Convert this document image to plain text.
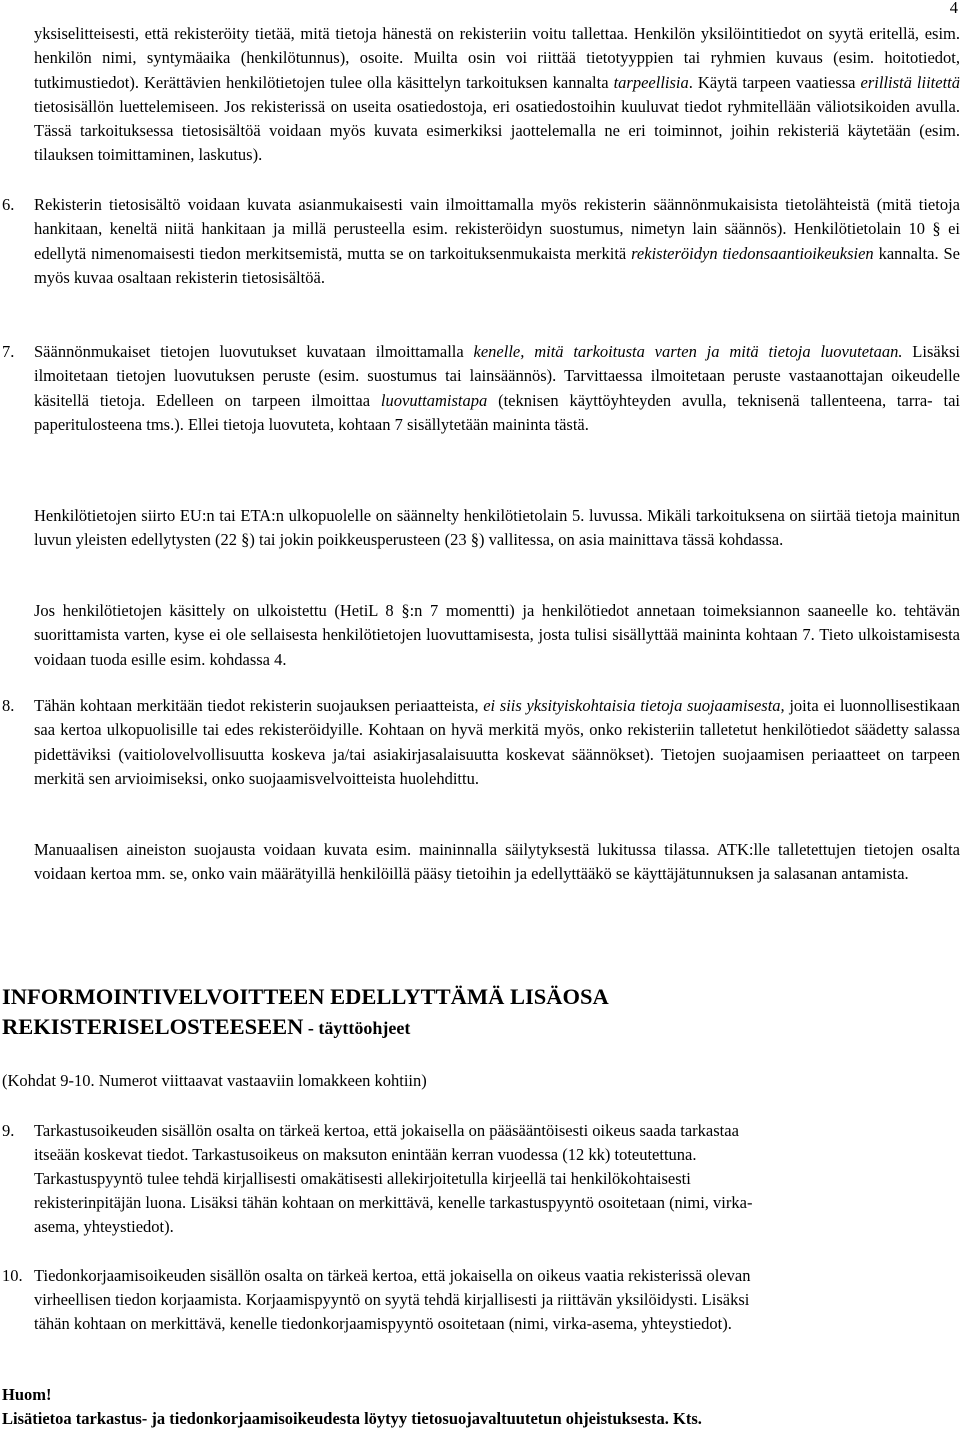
4
yksiselitteisesti, että rekisteröity tietää, mitä tietoja hänestä on rekisteriin voitu tallettaa. Henkilön yksilöintitiedot on syytä eritellä, esim. henkilön nimi, syntymäaika (henkilötunnus), osoite. Muilta osin voi riittää tietotyyppien tai ryhmien kuvaus (esim. hoitotiedot, tutkimustiedot). Kerättävien henkilötietojen tulee olla käsittelyn tarkoituksen kannalta tarpeellisia. Käytä tarpeen vaatiessa erillistä liitettä tietosisällön luettelemiseen. Jos rekisterissä on useita osatiedostoja, eri osatiedostoihin kuuluvat tiedot ryhmitellään väliotsikoiden avulla. Tässä tarkoituksessa tietosisältöä voidaan myös kuvata esimerkiksi jaottelemalla ne eri toiminnot, joihin rekisteriä käytetään (esim. tilauksen toimittaminen, laskutus).
6. Rekisterin tietosisältö voidaan kuvata asianmukaisesti vain ilmoittamalla myös rekisterin säännönmukaisista tietolähteistä (mitä tietoja hankitaan, keneltä niitä hankitaan ja millä perusteella esim. rekisteröidyn suostumus, nimetyn lain säännös). Henkilötietolain 10 § ei edellytä nimenomaisesti tiedon merkitsemistä, mutta se on tarkoituksenmukaista merkitä rekisteröidyn tiedonsaantioikeuksien kannalta. Se myös kuvaa osaltaan rekisterin tietosisältöä.
7. Säännönmukaiset tietojen luovutukset kuvataan ilmoittamalla kenelle, mitä tarkoitusta varten ja mitä tietoja luovutetaan. Lisäksi ilmoitetaan tietojen luovutuksen peruste (esim. suostumus tai lainsäännös). Tarvittaessa ilmoitetaan peruste vastaanottajan oikeudelle käsitellä tietoja. Edelleen on tarpeen ilmoittaa luovuttamistapa (teknisen käyttöyhteyden avulla, teknisenä tallenteena, tarra- tai paperitulosteena tms.). Ellei tietoja luovuteta, kohtaan 7 sisällytetään maininta tästä.
Henkilötietojen siirto EU:n tai ETA:n ulkopuolelle on säännelty henkilötietolain 5. luvussa. Mikäli tarkoituksena on siirtää tietoja mainitun luvun yleisten edellytysten (22 §) tai jokin poikkeusperusteen (23 §) vallitessa, on asia mainittava tässä kohdassa.
Jos henkilötietojen käsittely on ulkoistettu (HetiL 8 §:n 7 momentti) ja henkilötiedot annetaan toimeksiannon saaneelle ko. tehtävän suorittamista varten, kyse ei ole sellaisesta henkilötietojen luovuttamisesta, josta tulisi sisällyttää maininta kohtaan 7. Tieto ulkoistamisesta voidaan tuoda esille esim. kohdassa 4.
8. Tähän kohtaan merkitään tiedot rekisterin suojauksen periaatteista, ei siis yksityiskohtaisia tietoja suojaamisesta, joita ei luonnollisestikaan saa kertoa ulkopuolisille tai edes rekisteröidyille. Kohtaan on hyvä merkitä myös, onko rekisteriin talletetut henkilötiedot säädetty salassa pidettäviksi (vaitiolovelvollisuutta koskeva ja/tai asiakirjasalaisuutta koskevat säännökset). Tietojen suojaamisen periaatteet on tarpeen merkitä sen arvioimiseksi, onko suojaamisvelvoitteista huolehdittu.
Manuaalisen aineiston suojausta voidaan kuvata esim. maininnalla säilytyksestä lukitussa tilassa. ATK:lle talletettujen tietojen osalta voidaan kertoa mm. se, onko vain määrätyillä henkilöillä pääsy tietoihin ja edellyttääkö se käyttäjätunnuksen ja salasanan antamista.
INFORMOINTIVELVOITTEEN EDELLYTTÄMÄ LISÄOSA
REKISTERISELOSTEESEEN - täyttöohjeet
(Kohdat 9-10. Numerot viittaavat vastaaviin lomakkeen kohtiin)
9. Tarkastusoikeuden sisällön osalta on tärkeä kertoa, että jokaisella on pääsääntöisesti oikeus saada tarkastaa
itseään koskevat tiedot. Tarkastusoikeus on maksuton enintään kerran vuodessa (12 kk) toteutettuna.
Tarkastuspyyntö tulee tehdä kirjallisesti omakätisesti allekirjoitetulla kirjeellä tai henkilökohtaisesti
rekisterinpitäjän luona. Lisäksi tähän kohtaan on merkittävä, kenelle tarkastuspyyntö osoitetaan (nimi, virka-
asema, yhteystiedot).
10. Tiedonkorjaamisoikeuden sisällön osalta on tärkeä kertoa, että jokaisella on oikeus vaatia rekisterissä olevan
virheellisen tiedon korjaamista. Korjaamispyyntö on syytä tehdä kirjallisesti ja riittävän yksilöidysti. Lisäksi
tähän kohtaan on merkittävä, kenelle tiedonkorjaamispyyntö osoitetaan (nimi, virka-asema, yhteystiedot).
Huom!
Lisätietoa tarkastus- ja tiedonkorjaamisoikeudesta löytyy tietosuojavaltuutetun ohjeistuksesta. Kts.
